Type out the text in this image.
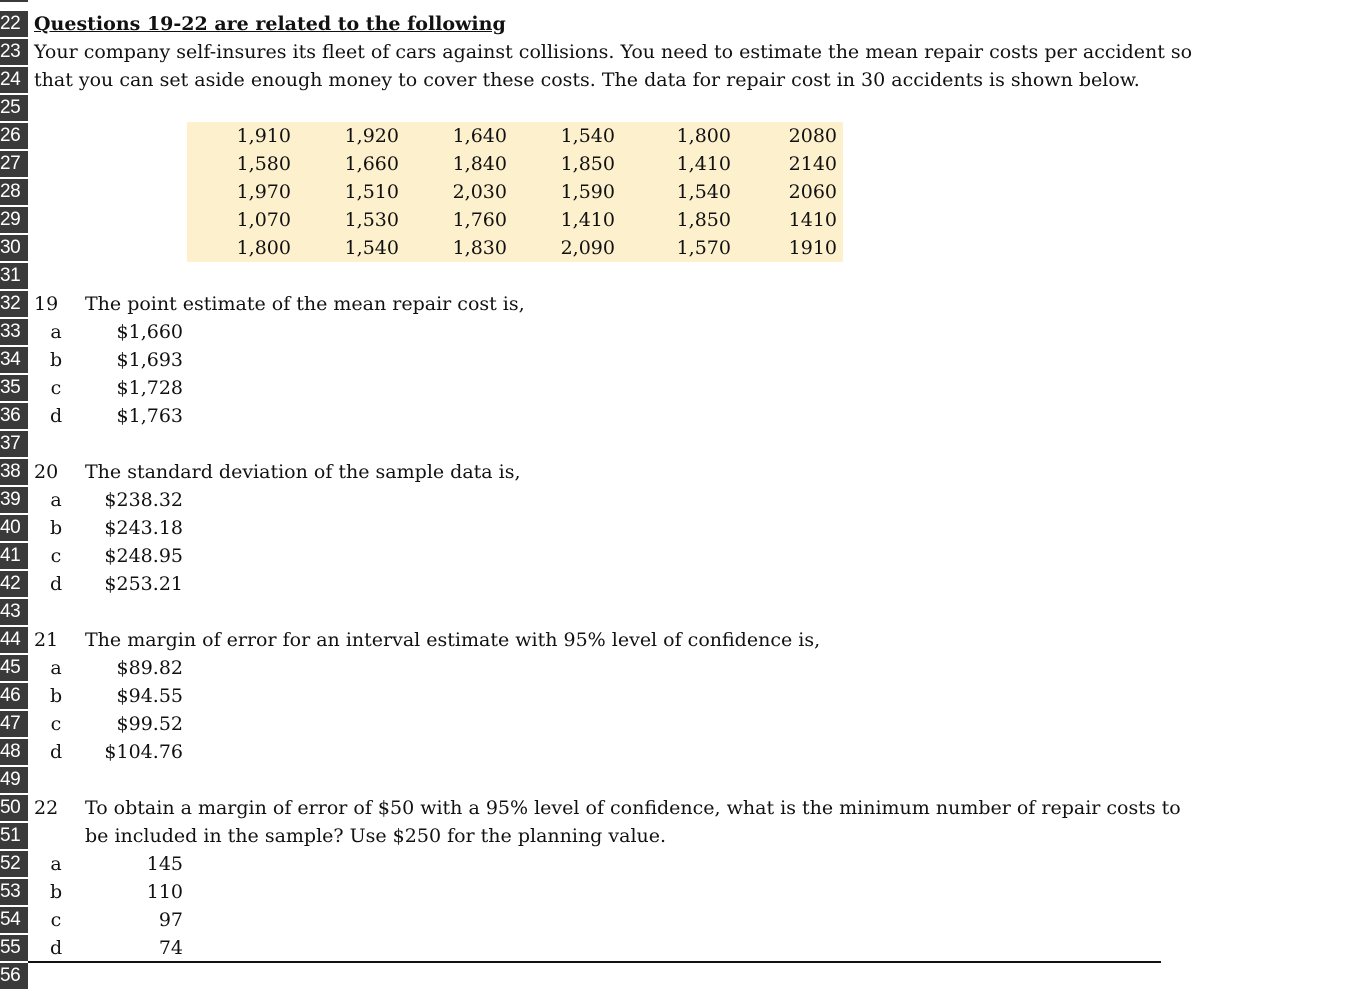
22 Questions 19-22 are related to the following
23 Your company self-insures its fleet of cars against collisions. You need to estimate the mean repair costs per accident so
24 that you can set aside enough money to cover these costs. The data for repair cost in 30 accidents is shown below.
25
26	1,910	1,920	1,640	1,540	1,800	2080
27	1,580	1,660	1,840	1,850	1,410	2140
28	1,970	1,510	2,030	1,590	1,540	2060
29	1,070	1,530	1,760	1,410	1,850	1410
30	1,800	1,540	1,830	2,090	1,570	1910
31
32 19 The point estimate of the mean repair cost is,
33	a	$1,660
34	b	$1,693
35	c	$1,728
36	d	$1,763
37
38 20 The standard deviation of the sample data is,
39	a	$238.32
40	b	$243.18
41	c	$248.95
42	d	$253.21
43
44 21 The margin of error for an interval estimate with 95% level of confidence is,
45	a	$89.82
46	b	$94.55
47	c	$99.52
48	d	$104.76
49
50 22 To obtain a margin of error of $50 with a 95% level of confidence, what is the minimum number of repair costs to
51	be included in the sample? Use $250 for the planning value.
52	a	145
53	b	110
54	c	97
55	d	74
56
